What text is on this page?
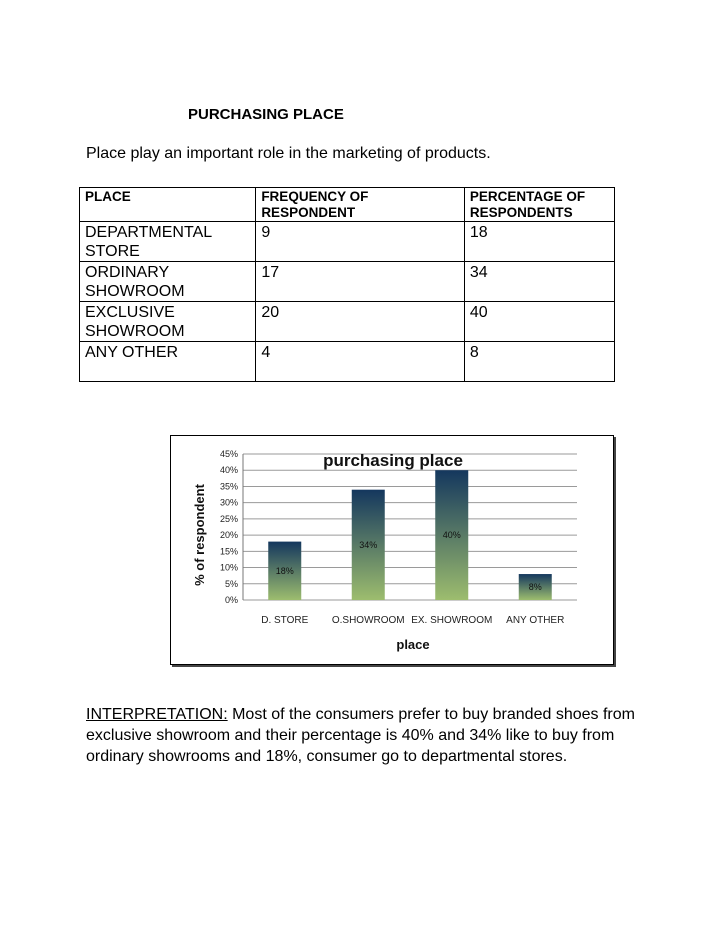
PURCHASING PLACE
Place play an important role in the marketing of products.
PLACE	FREQUENCY OF RESPONDENT	PERCENTAGE OF RESPONDENTS
DEPARTMENTAL STORE	9	18
ORDINARY SHOWROOM	17	34
EXCLUSIVE SHOWROOM	20	40
ANY OTHER	4	8
0%
5%
10%
15%
20%
25%
30%
35%
40%
45%
18%
D. STORE
34%
O.SHOWROOM
40%
EX. SHOWROOM
8%
ANY OTHER
purchasing place
place
% of respondent
INTERPRETATION: Most of the consumers prefer to buy branded shoes from exclusive showroom and their percentage is 40% and 34% like to buy from ordinary showrooms and 18%, consumer go to departmental stores.
